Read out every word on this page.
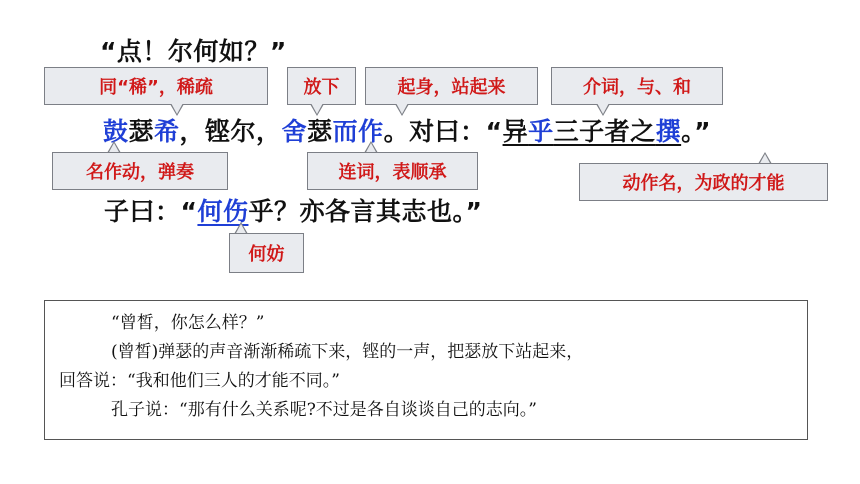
“点！尔何如？”
鼓瑟希，铿尔，舍瑟而作。对曰：“异乎三子者之撰。”
子曰：“何伤乎？亦各言其志也。”
同“稀”，稀疏	放下	起身，站起来	介词，与、和
名作动，弹奏	连词，表顺承
动作名，为政的才能
何妨

“曾皙，你怎么样？”

(曾皙)弹瑟的声音渐渐稀疏下来，铿的一声，把瑟放下站起来，

回答说：“我和他们三人的才能不同。”

孔子说：“那有什么关系呢?不过是各自谈谈自己的志向。”
